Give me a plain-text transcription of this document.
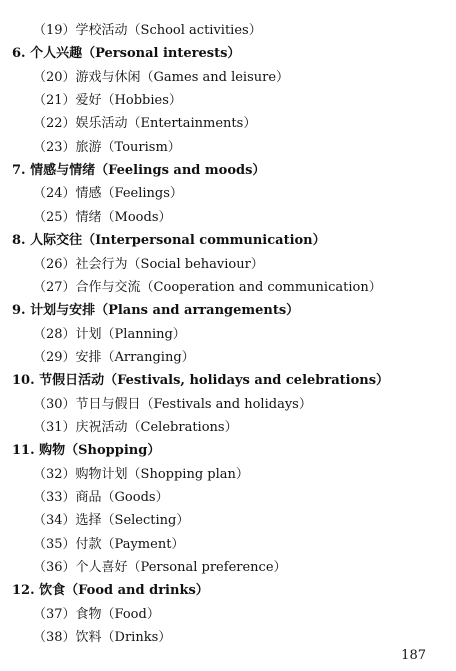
（19）学校活动（School activities）
6. 个人兴趣（Personal interests）
（20）游戏与休闲（Games and leisure）
（21）爱好（Hobbies）
（22）娱乐活动（Entertainments）
（23）旅游（Tourism）
7. 情感与情绪（Feelings and moods）
（24）情感（Feelings）
（25）情绪（Moods）
8. 人际交往（Interpersonal communication）
（26）社会行为（Social behaviour）
（27）合作与交流（Cooperation and communication）
9. 计划与安排（Plans and arrangements）
（28）计划（Planning）
（29）安排（Arranging）
10. 节假日活动（Festivals, holidays and celebrations）
（30）节日与假日（Festivals and holidays）
（31）庆祝活动（Celebrations）
11. 购物（Shopping）
（32）购物计划（Shopping plan）
（33）商品（Goods）
（34）选择（Selecting）
（35）付款（Payment）
（36）个人喜好（Personal preference）
12. 饮食（Food and drinks）
（37）食物（Food）
（38）饮料（Drinks）
187
